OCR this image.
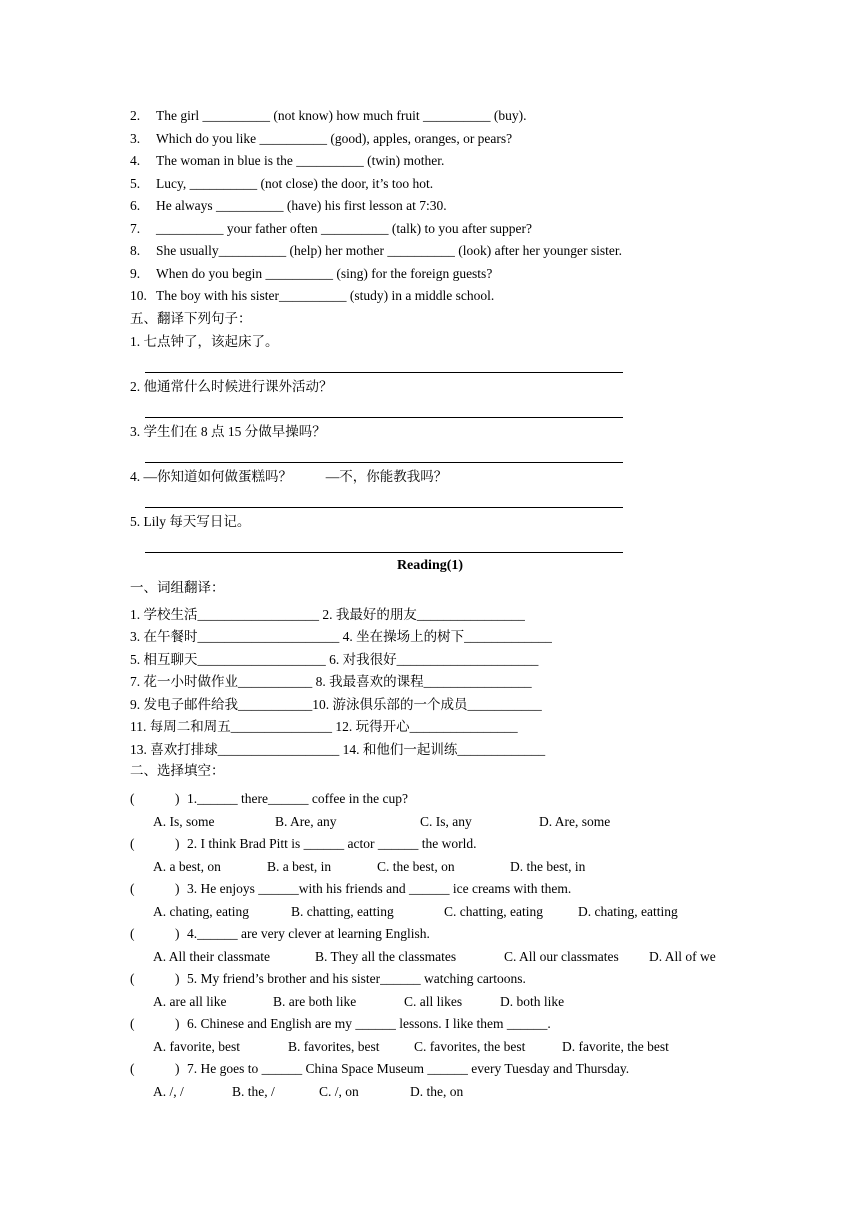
2. The girl __________ (not know) how much fruit __________ (buy).
3. Which do you like __________ (good), apples, oranges, or pears?
4. The woman in blue is the __________ (twin) mother.
5. Lucy, __________ (not close) the door, it’s too hot.
6. He always __________ (have) his first lesson at 7:30.
7. __________ your father often __________ (talk) to you after supper?
8. She usually__________ (help) her mother __________ (look) after her younger sister.
9. When do you begin __________ (sing) for the foreign guests?
10. The boy with his sister__________ (study) in a middle school.
五、翻译下列句子：
1. 七点钟了，该起床了。
2. 他通常什么时候进行课外活动？
3. 学生们在 8 点 15 分做早操吗？
4. —你知道如何做蛋糕吗？          —不，你能教我吗？
5. Lily 每天写日记。
Reading(1)
一、词组翻译：
1. 学校生活__________________ 2. 我最好的朋友________________
3. 在午餐时_____________________ 4. 坐在操场上的树下_____________
5. 相互聊天___________________ 6. 对我很好_____________________
7. 花一小时做作业___________ 8. 我最喜欢的课程________________
9. 发电子邮件给我___________10. 游泳俱乐部的一个成员___________
11. 每周二和周五_______________ 12. 玩得开心________________
13. 喜欢打排球__________________ 14. 和他们一起训练_____________
二、选择填空：
(            ) 1.______ there______ coffee in the cup?
A. Is, some	B. Are, any	C. Is, any	D. Are, some
(            ) 2. I think Brad Pitt is ______ actor ______ the world.
A. a best, on	B. a best, in	C. the best, on	D. the best, in
(            ) 3. He enjoys ______with his friends and ______ ice creams with them.
A. chating, eating	B. chatting, eatting	C. chatting, eating	D. chating, eatting
(            ) 4.______ are very clever at learning English.
A. All their classmate	B. They all the classmates	C. All our classmates D. All of we
(            ) 5. My friend’s brother and his sister______ watching cartoons.
A. are all like	B. are both like	C. all likes	D. both like
(            ) 6. Chinese and English are my ______ lessons. I like them ______.
A. favorite, best	B. favorites, best	C. favorites, the best	D. favorite, the best
(            ) 7. He goes to ______ China Space Museum ______ every Tuesday and Thursday.
A. /, /	B. the, /	C. /, on	D. the, on
